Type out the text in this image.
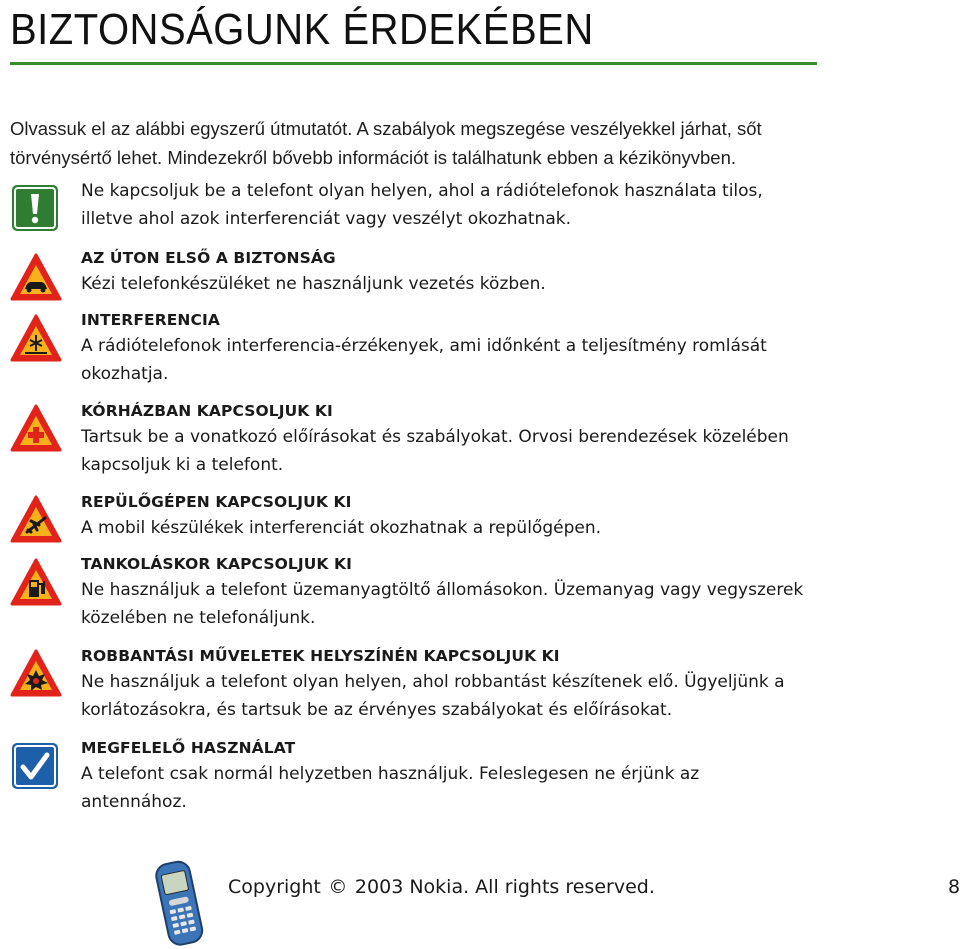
BIZTONSÁGUNK ÉRDEKÉBEN
Olvassuk el az alábbi egyszerű útmutatót. A szabályok megszegése veszélyekkel járhat, sőt
törvénysértő lehet. Mindezekről bővebb információt is találhatunk ebben a kézikönyvben.

Ne kapcsoljuk be a telefont olyan helyen, ahol a rádiótelefonok használata tilos,

illetve ahol azok interferenciát vagy veszélyt okozhatnak.

AZ ÚTON ELSŐ A BIZTONSÁG

Kézi telefonkészüléket ne használjunk vezetés közben.

INTERFERENCIA

A rádiótelefonok interferencia-érzékenyek, ami időnként a teljesítmény romlását

okozhatja.

KÓRHÁZBAN KAPCSOLJUK KI

Tartsuk be a vonatkozó előírásokat és szabályokat. Orvosi berendezések közelében

kapcsoljuk ki a telefont.

REPÜLŐGÉPEN KAPCSOLJUK KI

A mobil készülékek interferenciát okozhatnak a repülőgépen.

TANKOLÁSKOR KAPCSOLJUK KI

Ne használjuk a telefont üzemanyagtöltő állomásokon. Üzemanyag vagy vegyszerek

közelében ne telefonáljunk.

ROBBANTÁSI MŰVELETEK HELYSZÍNÉN KAPCSOLJUK KI

Ne használjuk a telefont olyan helyen, ahol robbantást készítenek elő. Ügyeljünk a

korlátozásokra, és tartsuk be az érvényes szabályokat és előírásokat.

MEGFELELŐ HASZNÁLAT

A telefont csak normál helyzetben használjuk. Feleslegesen ne érjünk az

antennához.

Copyright © 2003 Nokia. All rights reserved.	8
